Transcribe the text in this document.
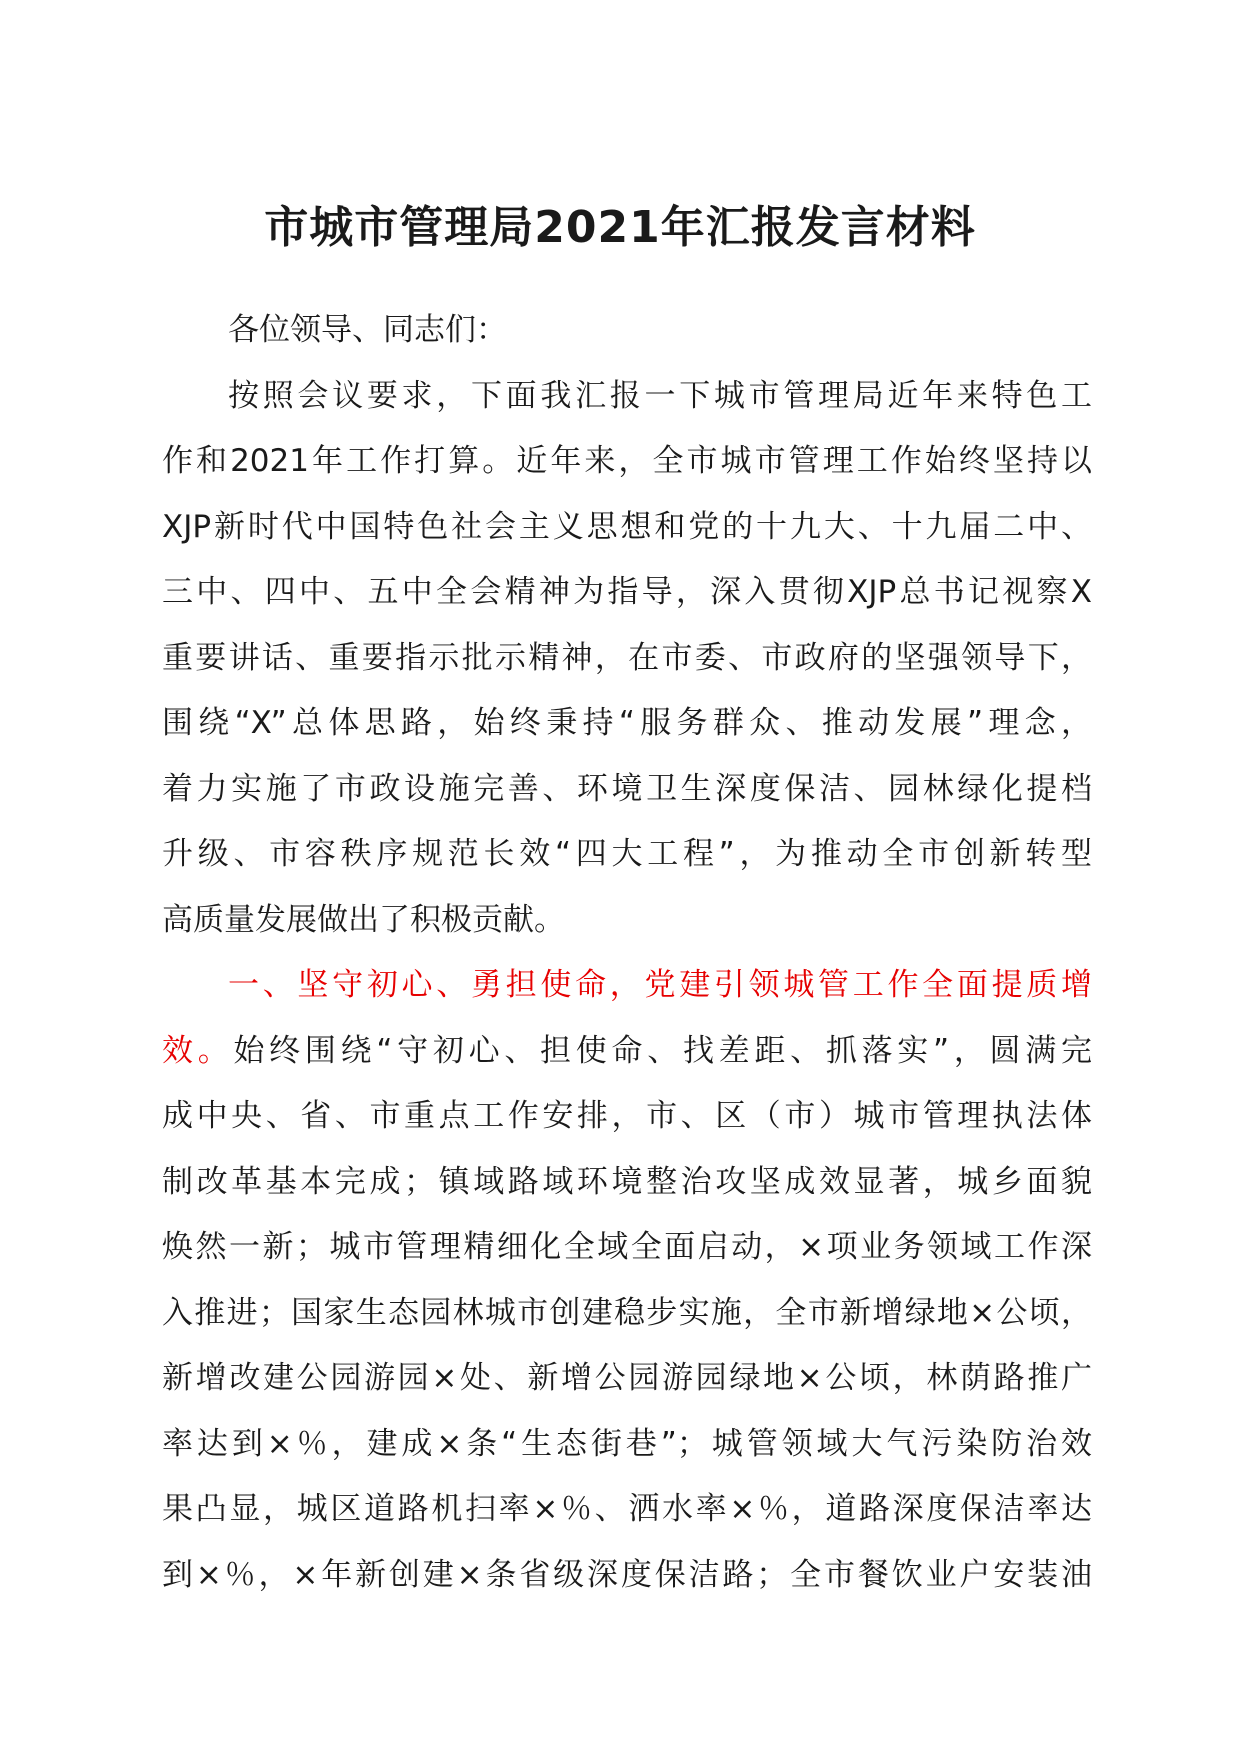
市城市管理局2021年汇报发言材料
各位领导、同志们：
按照会议要求，下面我汇报一下城市管理局近年来特色工
作和2021年工作打算。近年来，全市城市管理工作始终坚持以
XJP新时代中国特色社会主义思想和党的十九大、十九届二中、
三中、四中、五中全会精神为指导，深入贯彻XJP总书记视察X
重要讲话、重要指示批示精神，在市委、市政府的坚强领导下，
围绕“X”总体思路，始终秉持“服务群众、推动发展”理念，
着力实施了市政设施完善、环境卫生深度保洁、园林绿化提档
升级、市容秩序规范长效“四大工程”，为推动全市创新转型
高质量发展做出了积极贡献。
一、坚守初心、勇担使命，党建引领城管工作全面提质增
效。始终围绕“守初心、担使命、找差距、抓落实”，圆满完
成中央、省、市重点工作安排，市、区（市）城市管理执法体
制改革基本完成；镇域路域环境整治攻坚成效显著，城乡面貌
焕然一新；城市管理精细化全域全面启动，×项业务领域工作深
入推进；国家生态园林城市创建稳步实施，全市新增绿地×公顷，
新增改建公园游园×处、新增公园游园绿地×公顷，林荫路推广
率达到×％，建成×条“生态街巷”；城管领域大气污染防治效
果凸显，城区道路机扫率×％、洒水率×％，道路深度保洁率达
到×％，×年新创建×条省级深度保洁路；全市餐饮业户安装油
